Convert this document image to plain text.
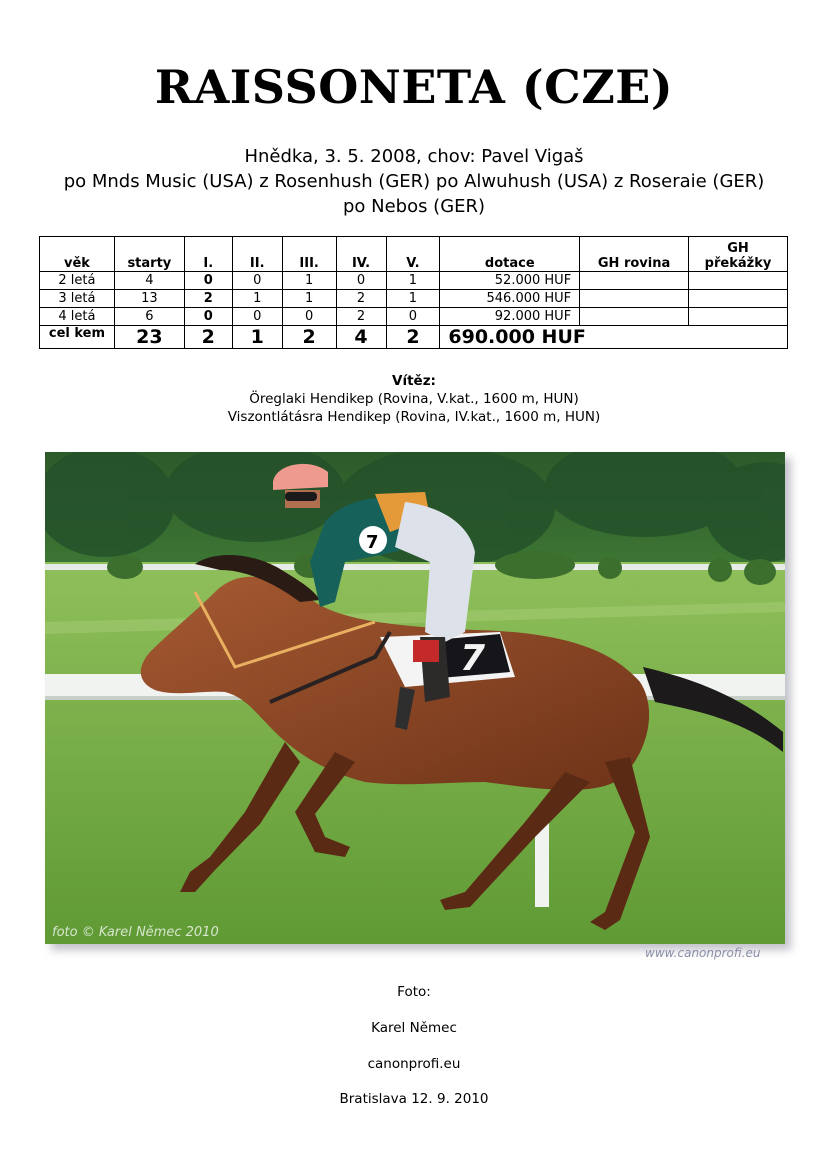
RAISSONETA (CZE)
Hnědka, 3. 5. 2008, chov: Pavel Vigaš
po Mnds Music (USA) z Rosenhush (GER) po Alwuhush (USA) z Roseraie (GER)
po Nebos (GER)
věk	starty	I.	II.	III.	IV.	V.	dotace	GH rovina	GH překážky
2 letá	4	0	0	1	0	1	52.000 HUF		
3 letá	13	2	1	1	2	1	546.000 HUF		
4 letá	6	0	0	0	2	0	92.000 HUF		
cel kem	23	2	1	2	4	2	690.000 HUF		
Vítěz:
Öreglaki Hendikep (Rovina, V.kat., 1600 m, HUN)
Viszontlátásra Hendikep (Rovina, IV.kat., 1600 m, HUN)
7
7
foto © Karel Němec 2010
www.canonprofi.eu
Foto:
Karel Němec
canonprofi.eu
Bratislava 12. 9. 2010
